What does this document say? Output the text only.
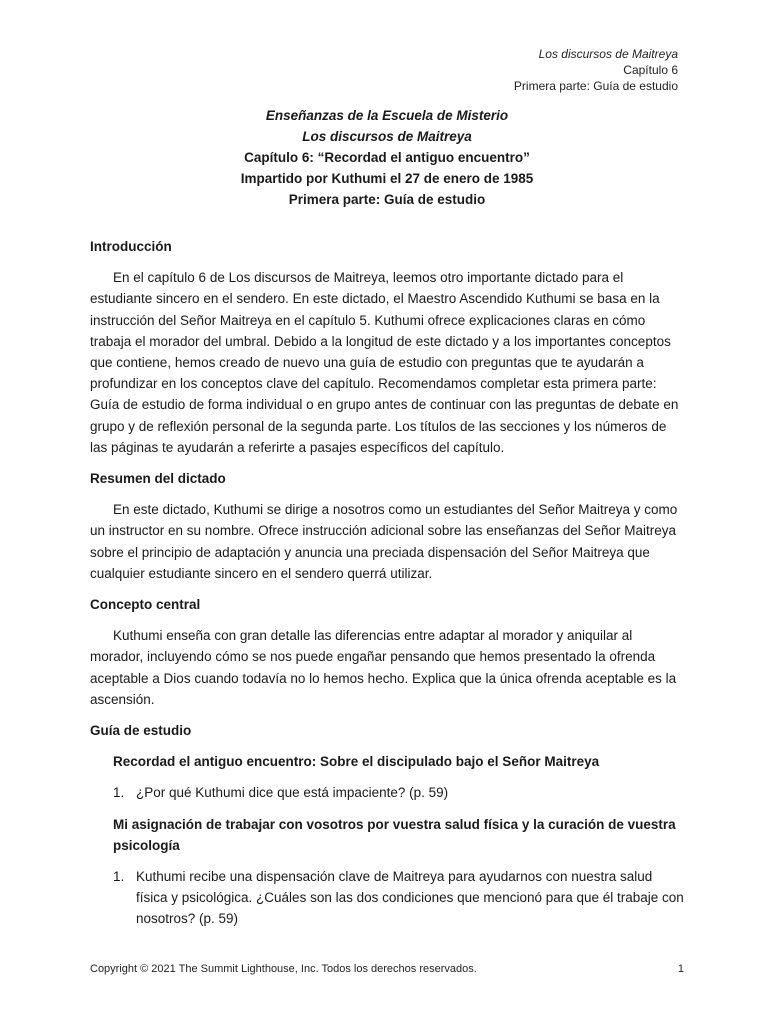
Los discursos de Maitreya
Capítulo 6
Primera parte: Guía de estudio
Enseñanzas de la Escuela de Misterio
Los discursos de Maitreya
Capítulo 6: “Recordad el antiguo encuentro”
Impartido por Kuthumi el 27 de enero de 1985
Primera parte: Guía de estudio

Introducción

En el capítulo 6 de Los discursos de Maitreya, leemos otro importante dictado para el estudiante sincero en el sendero. En este dictado, el Maestro Ascendido Kuthumi se basa en la instrucción del Señor Maitreya en el capítulo 5. Kuthumi ofrece explicaciones claras en cómo trabaja el morador del umbral. Debido a la longitud de este dictado y a los importantes conceptos que contiene, hemos creado de nuevo una guía de estudio con preguntas que te ayudarán a profundizar en los conceptos clave del capítulo. Recomendamos completar esta primera parte: Guía de estudio de forma individual o en grupo antes de continuar con las preguntas de debate en grupo y de reflexión personal de la segunda parte. Los títulos de las secciones y los números de las páginas te ayudarán a referirte a pasajes específicos del capítulo.

Resumen del dictado

En este dictado, Kuthumi se dirige a nosotros como un estudiantes del Señor Maitreya y como un instructor en su nombre. Ofrece instrucción adicional sobre las enseñanzas del Señor Maitreya sobre el principio de adaptación y anuncia una preciada dispensación del Señor Maitreya que cualquier estudiante sincero en el sendero querrá utilizar.

Concepto central

Kuthumi enseña con gran detalle las diferencias entre adaptar al morador y aniquilar al morador, incluyendo cómo se nos puede engañar pensando que hemos presentado la ofrenda aceptable a Dios cuando todavía no lo hemos hecho. Explica que la única ofrenda aceptable es la ascensión.

Guía de estudio

Recordad el antiguo encuentro: Sobre el discipulado bajo el Señor Maitreya

1. ¿Por qué Kuthumi dice que está impaciente? (p. 59)

Mi asignación de trabajar con vosotros por vuestra salud física y la curación de vuestra psicología

1. Kuthumi recibe una dispensación clave de Maitreya para ayudarnos con nuestra salud física y psicológica. ¿Cuáles son las dos condiciones que mencionó para que él trabaje con nosotros? (p. 59)
Copyright © 2021 The Summit Lighthouse, Inc. Todos los derechos reservados.	1
